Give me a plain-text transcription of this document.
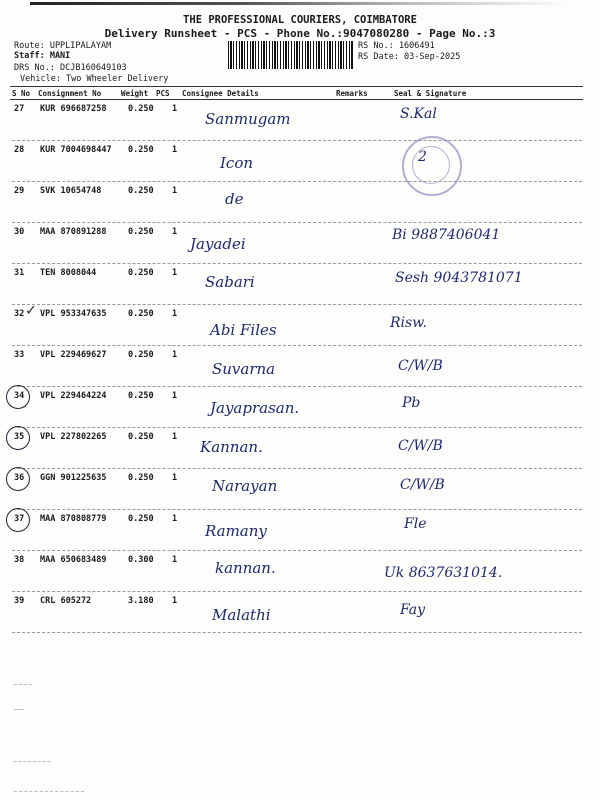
THE PROFESSIONAL COURIERS, COIMBATORE
Delivery Runsheet - PCS - Phone No.:9047080280 - Page No.:3
Route: UPPLIPALAYAM
Staff: MANI
DRS No.: DCJB160649103
Vehicle: Two Wheeler Delivery
RS No.: 1606491
RS Date: 03-Sep-2025
S No Consignment No	Weight PCS Consignee Details	Remarks	Seal & Signature
27 KUR 696687258	0.250 1
Sanmugam	S.Kal
28 KUR 7004698447 0.250 1
Icon	2
29 SVK 10654748	0.250 1	de
30 MAA 870891288	0.250 1
Jayadei	Bi 9887406041
31 TEN 8008044	0.250 1 Sabari	Sesh 9043781071
32 VPL 953347635	0.250 1
Abi Files	Risw.
33 VPL 229469627	0.250 1
Suvarna	C/W/B
34 VPL 229464224	0.250 1
Jayaprasan.	Pb
35 VPL 227802265	0.250 1
Kannan.	C/W/B
36 GGN 901225635	0.250 1 Narayan	C/W/B
37 MAA 870808779	0.250 1
Ramany	Fle
38 MAA 650683489	0.300 1	kannan.	Uk 8637631014.
39 CRL 605272	3.180 1
Malathi	Fay
✓
